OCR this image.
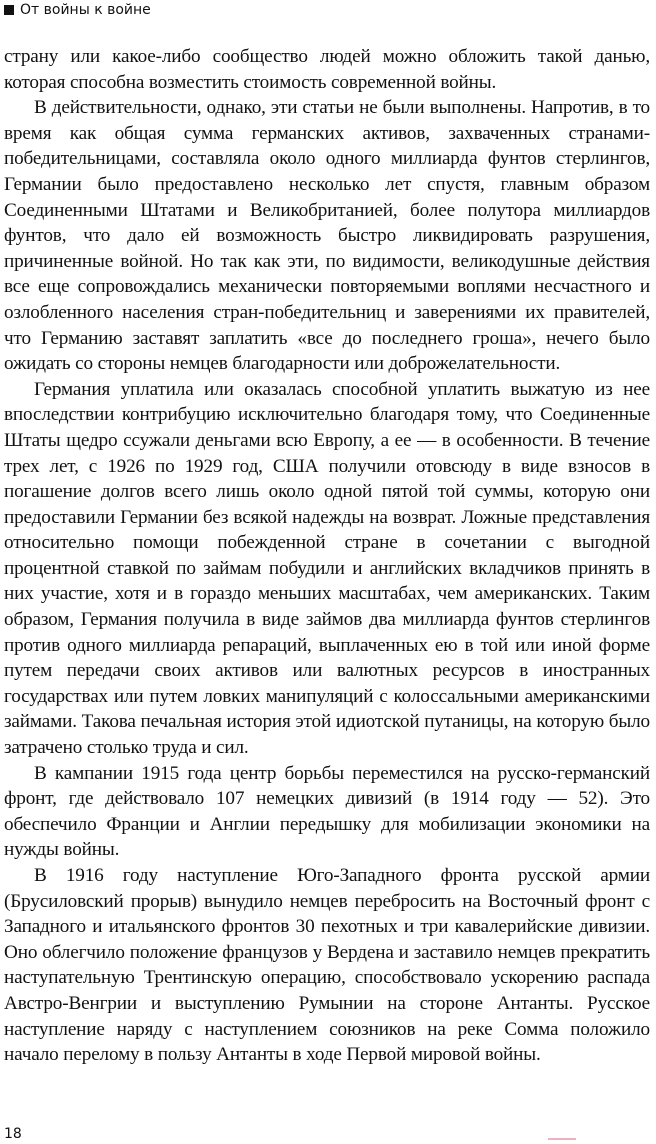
От войны к войне

страну или какое-либо сообщество людей можно обложить такой данью, которая способна возместить стоимость современной войны.

В действительности, однако, эти статьи не были выполнены. Напротив, в то время как общая сумма германских активов, захваченных странами-победительницами, составляла около одного миллиарда фунтов стерлингов, Германии было предоставлено несколько лет спустя, главным образом Соединенными Штатами и Великобританией, более полутора миллиардов фунтов, что дало ей возможность быстро ликвидировать разрушения, причиненные войной. Но так как эти, по видимости, великодушные действия все еще сопровождались механически повторяемыми воплями несчастного и озлобленного населения стран-победительниц и заверениями их правителей, что Германию заставят заплатить «все до последнего гроша», нечего было ожидать со стороны немцев благодарности или доброжелательности.

Германия уплатила или оказалась способной уплатить выжатую из нее впоследствии контрибуцию исключительно благодаря тому, что Соединенные Штаты щедро ссужали деньгами всю Европу, а ее — в особенности. В течение трех лет, с 1926 по 1929 год, США получили отовсюду в виде взносов в погашение долгов всего лишь около одной пятой той суммы, которую они предоставили Германии без всякой надежды на возврат. Ложные представления относительно помощи побежденной стране в сочетании с выгодной процентной ставкой по займам побудили и английских вкладчиков принять в них участие, хотя и в гораздо меньших масштабах, чем американских. Таким образом, Германия получила в виде займов два миллиарда фунтов стерлингов против одного миллиарда репараций, выплаченных ею в той или иной форме путем передачи своих активов или валютных ресурсов в иностранных государствах или путем ловких манипуляций с колоссальными американскими займами. Такова печальная история этой идиотской путаницы, на которую было затрачено столько труда и сил.

В кампании 1915 года центр борьбы переместился на русско-германский фронт, где действовало 107 немецких дивизий (в 1914 году — 52). Это обеспечило Франции и Англии передышку для мобилизации экономики на нужды войны.

В 1916 году наступление Юго-Западного фронта русской армии (Брусиловский прорыв) вынудило немцев перебросить на Восточный фронт с Западного и итальянского фронтов 30 пехотных и три кавалерийские дивизии. Оно облегчило положение французов у Вердена и заставило немцев прекратить наступательную Трентинскую операцию, способствовало ускорению распада Австро-Венгрии и выступлению Румынии на стороне Антанты. Русское наступление наряду с наступлением союзников на реке Сомма положило начало перелому в пользу Антанты в ходе Первой мировой войны.

18
